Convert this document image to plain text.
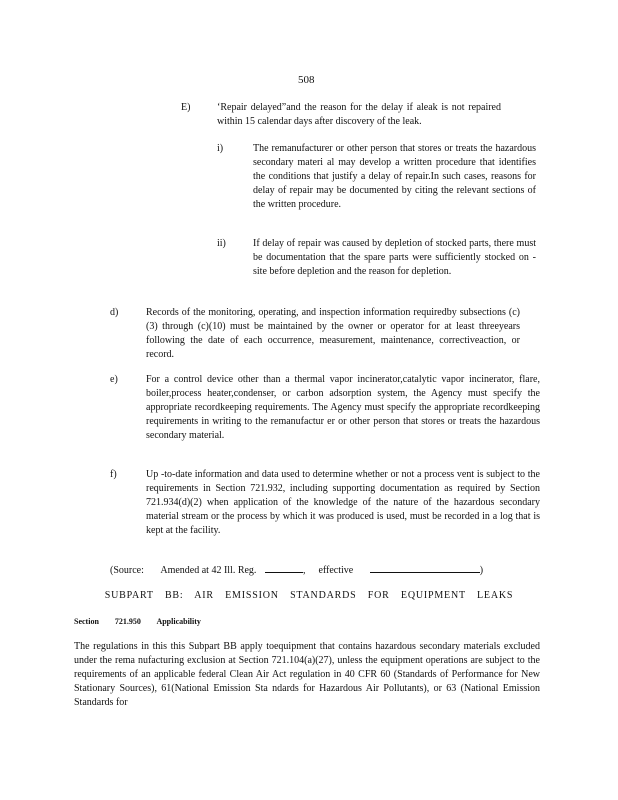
508
E)	‘Repair delayed”and the reason for the delay if aleak is not repaired within 15 calendar days after discovery of the leak.
i)	The remanufacturer or other person that stores or treats the hazardous secondary materi al may develop a written procedure that identifies the conditions that justify a delay of repair.In such cases, reasons for delay of repair may be documented by citing the relevant sections of the written procedure.
ii)	If delay of repair was caused by depletion of stocked parts, there must be documentation that the spare parts were sufficiently stocked on -site before depletion and the reason for depletion.
d)	Records of the monitoring, operating, and inspection information requiredby subsections (c)(3) through (c)(10) must be maintained by the owner or operator for at least threeyears following the date of each occurrence, measurement, maintenance, correctiveaction, or record.
e)	For a control device other than a thermal vapor incinerator,catalytic vapor incinerator, flare, boiler,process heater,condenser, or carbon adsorption system, the Agency must specify the appropriate recordkeeping requirements. The Agency must specify the appropriate recordkeeping requirements in writing to the remanufactur er or other person that stores or treats the hazardous secondary material.
f)	Up -to-date information and data used to determine whether or not a process vent is subject to the requirements in Section 721.932, including supporting documentation as required by Section 721.934(d)(2) when application of the knowledge of the nature of the hazardous secondary material stream or the process by which it was produced is used, must be recorded in a log that is kept at the facility.
(Source: Amended at 42 Ill. Reg.	, effective	)
SUBPART BB: AIR EMISSION STANDARDS FOR EQUIPMENT LEAKS
Section 721.950 Applicability
The regulations in this this Subpart BB apply toequipment that contains hazardous secondary materials excluded under the rema nufacturing exclusion at Section 721.104(a)(27), unless the equipment operations are subject to the requirements of an applicable federal Clean Air Act regulation in 40 CFR 60 (Standards of Performance for New Stationary Sources), 61(National Emission Sta ndards for Hazardous Air Pollutants), or 63 (National Emission Standards for
